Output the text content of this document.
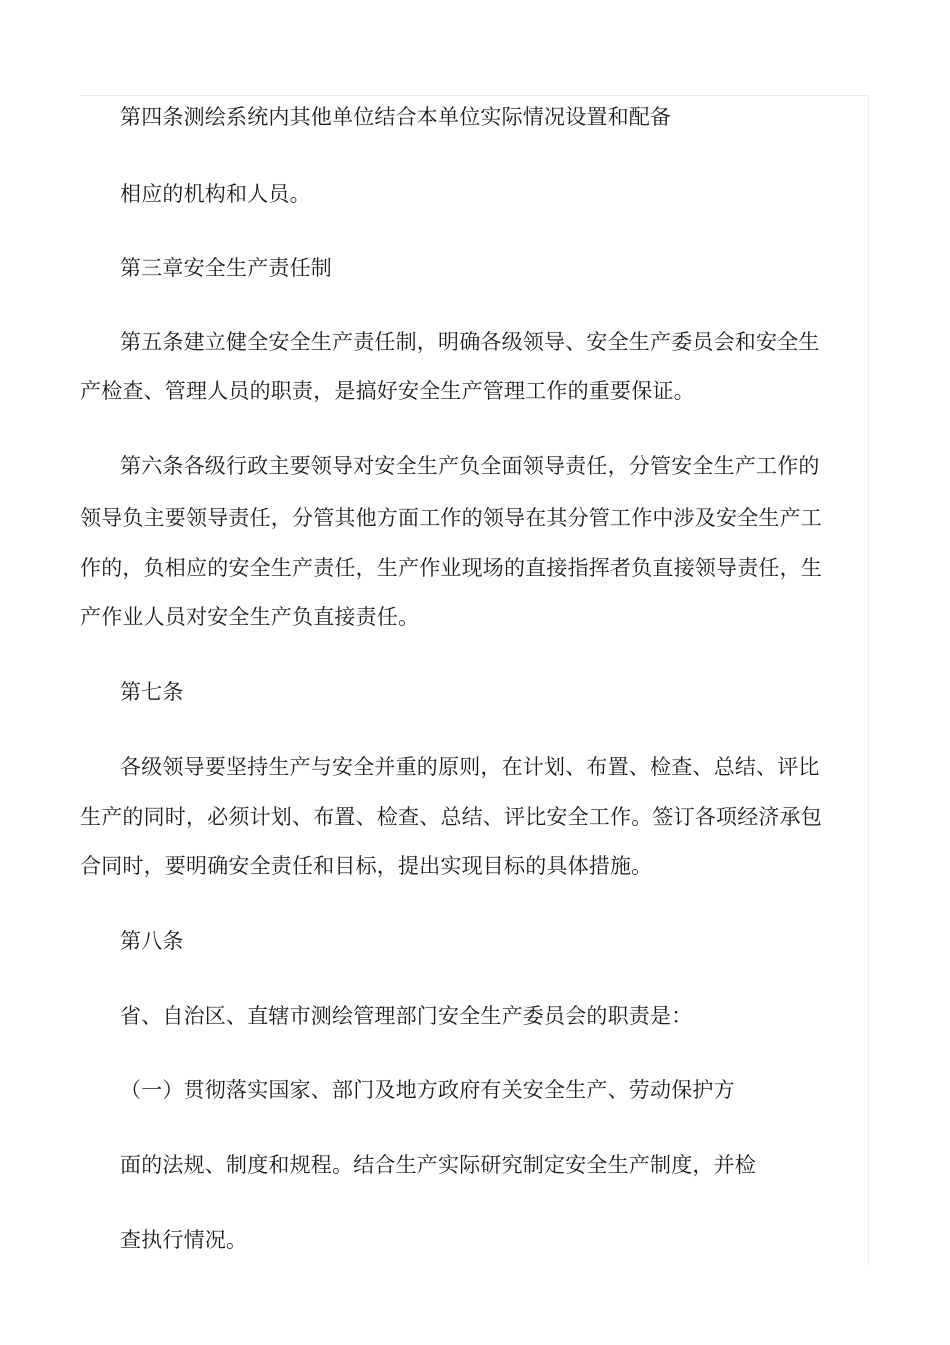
第四条测绘系统内其他单位结合本单位实际情况设置和配备
相应的机构和人员。
第三章安全生产责任制
第五条建立健全安全生产责任制，明确各级领导、安全生产委员会和安全生
产检查、管理人员的职责，是搞好安全生产管理工作的重要保证。
第六条各级行政主要领导对安全生产负全面领导责任，分管安全生产工作的
领导负主要领导责任，分管其他方面工作的领导在其分管工作中涉及安全生产工
作的，负相应的安全生产责任，生产作业现场的直接指挥者负直接领导责任，生
产作业人员对安全生产负直接责任。
第七条
各级领导要坚持生产与安全并重的原则，在计划、布置、检查、总结、评比
生产的同时，必须计划、布置、检查、总结、评比安全工作。签订各项经济承包
合同时，要明确安全责任和目标，提出实现目标的具体措施。
第八条
省、自治区、直辖市测绘管理部门安全生产委员会的职责是：
（一）贯彻落实国家、部门及地方政府有关安全生产、劳动保护方
面的法规、制度和规程。结合生产实际研究制定安全生产制度，并检
查执行情况。
